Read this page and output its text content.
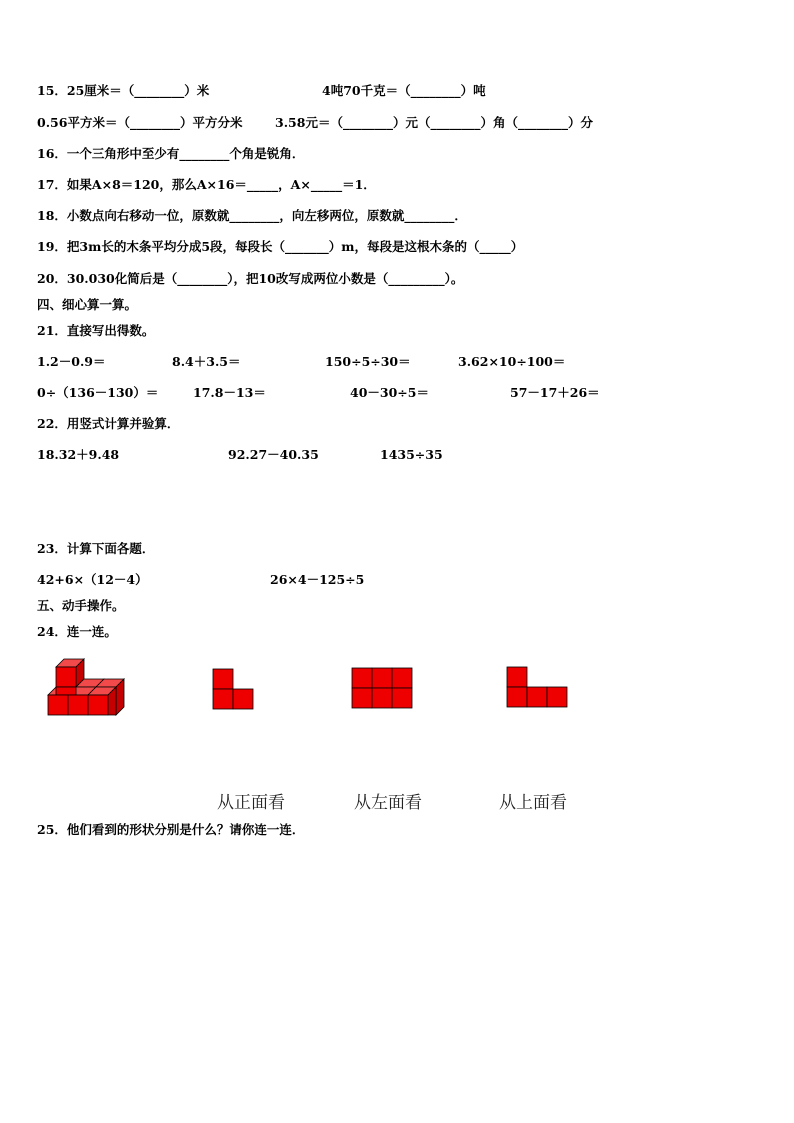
15．25厘米＝（________）米	4吨70千克＝（________）吨
0.56平方米＝（________）平方分米	3.58元＝（________）元（________）角（________）分
16．一个三角形中至少有________个角是锐角．
17．如果A×8＝120，那么A×16＝_____，A×_____＝1．
18．小数点向右移动一位，原数就________，向左移两位，原数就________．
19．把3m长的木条平均分成5段，每段长（_______）m，每段是这根木条的（_____）
20．30.030化简后是（________），把10改写成两位小数是（_________）。
四、细心算一算。
21．直接写出得数。
1.2－0.9＝	8.4＋3.5＝	150÷5÷30＝	3.62×10÷100＝
0÷（136－130）＝	17.8－13＝	40－30÷5＝	57－17＋26＝
22．用竖式计算并验算．
18.32＋9.48	92.27－40.35	1435÷35
23．计算下面各题．
42+6×（12－4）	26×4－125÷5
五、动手操作。
24．连一连。
从正面看	从左面看	从上面看
25．他们看到的形状分别是什么？请你连一连．
